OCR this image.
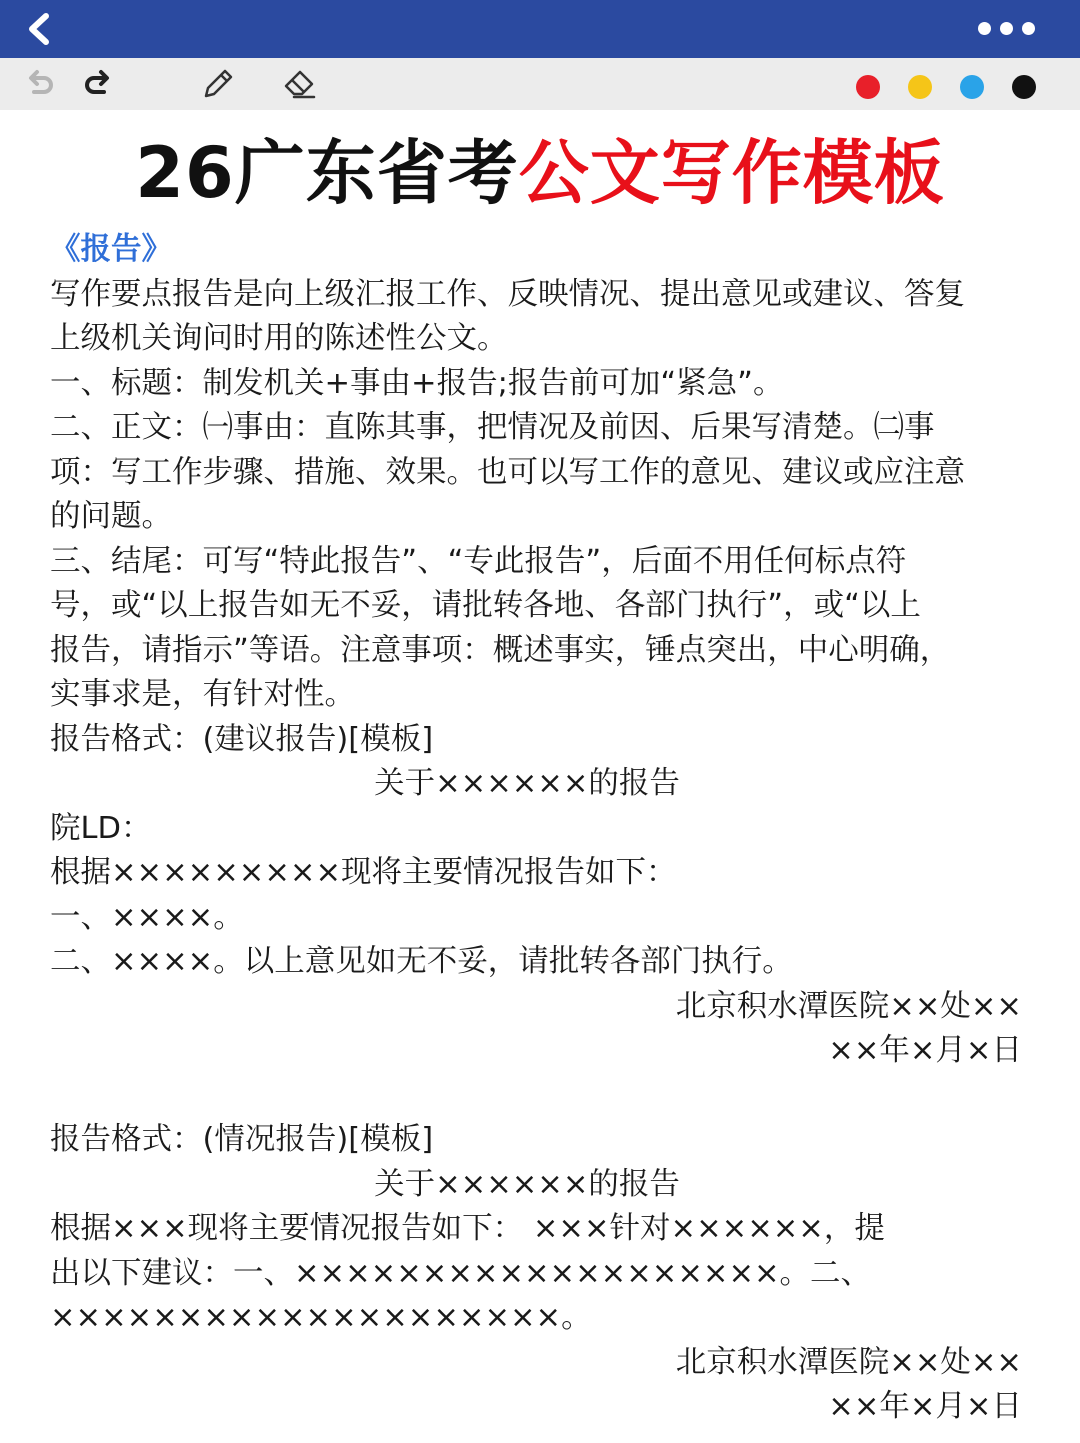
26广东省考公文写作模板
《报告》
写作要点报告是向上级汇报工作、反映情况、提出意见或建议、答复
上级机关询问时用的陈述性公文。
一、标题：制发机关+事由+报告;报告前可加“紧急”。
二、正文：㈠事由：直陈其事，把情况及前因、后果写清楚。㈡事
项：写工作步骤、措施、效果。也可以写工作的意见、建议或应注意
的问题。
三、结尾：可写“特此报告”、“专此报告”，后面不用任何标点符
号，或“以上报告如无不妥，请批转各地、各部门执行”，或“以上
报告，请指示”等语。注意事项：概述事实，锤点突出，中心明确，
实事求是，有针对性。
报告格式：(建议报告)[模板]
关于××××××的报告
院LD：
根据×××××××××现将主要情况报告如下：
一、××××。
二、××××。以上意见如无不妥，请批转各部门执行。
北京积水潭医院××处××
××年×月×日
报告格式：(情况报告)[模板]
关于××××××的报告
根据×××现将主要情况报告如下： ×××针对××××××，提
出以下建议：一、×××××××××××××××××××。二、
××××××××××××××××××××。
北京积水潭医院××处××
××年×月×日
